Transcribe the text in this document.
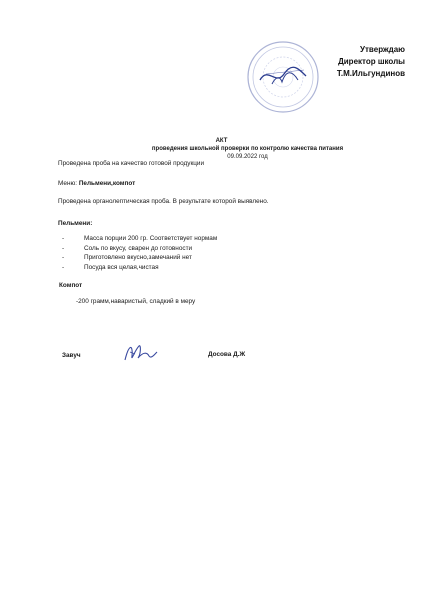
Утверждаю
Директор школы
Т.М.Ильгундинов
АКТ
проведения школьной проверки по контролю качества питания
09.09.2022 год
Проведена проба на качество готовой продукции
Меню: Пельмени,компот
Проведена органолептическая проба. В результате которой выявлено.
Пельмени:
- Масса порции 200 гр. Соответствует нормам
- Соль по вкусу, сварен до готовности
- Приготовлено вкусно,замечаний нет
- Посуда вся целая,чистая
Компот
-200 грамм,наваристый, сладкий в меру
Завуч	Досова Д.Ж
